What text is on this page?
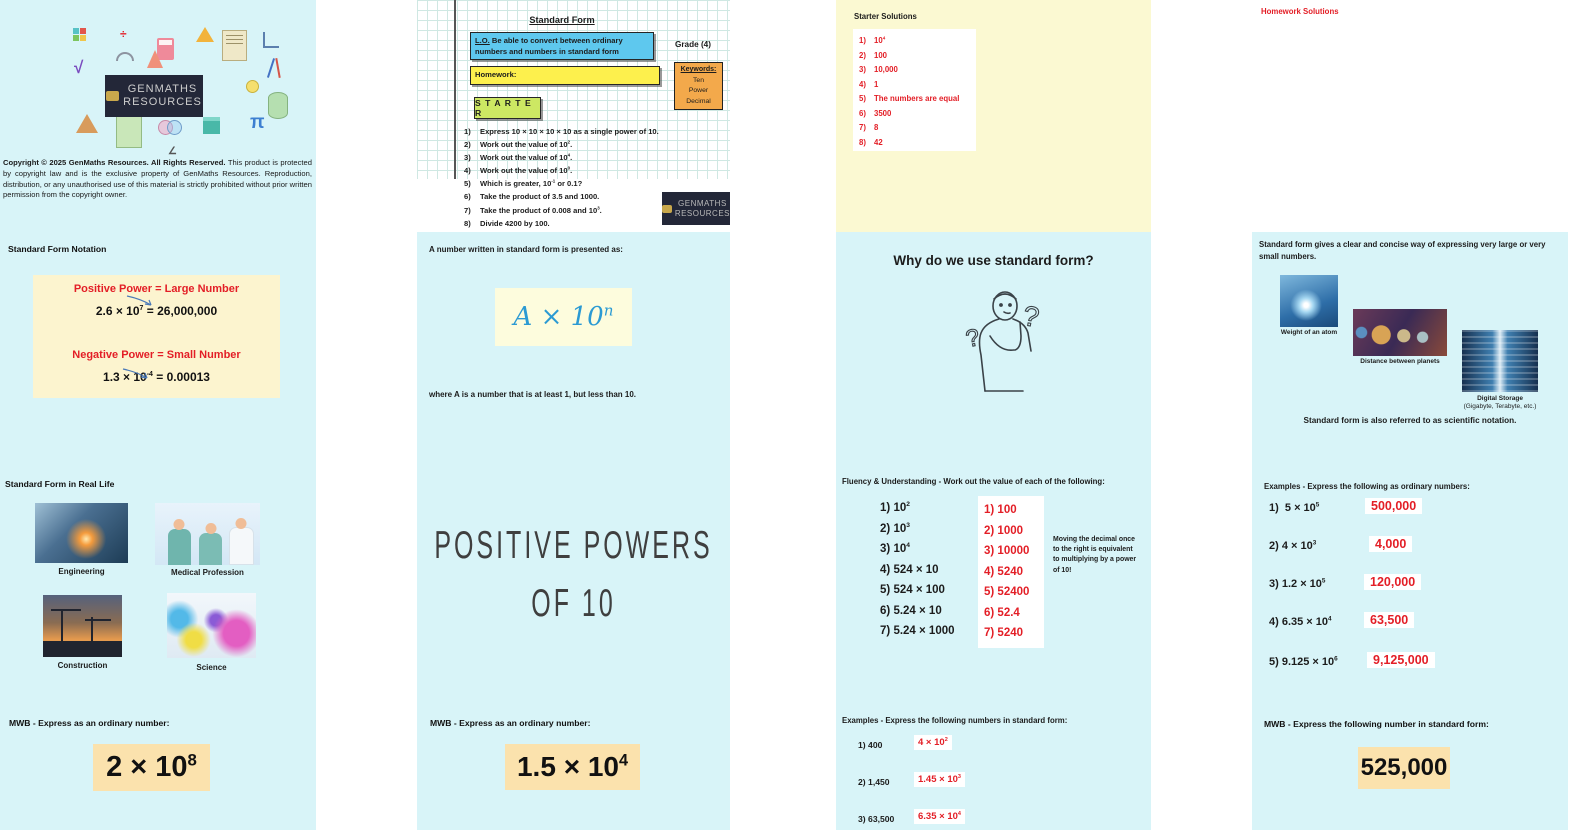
÷
√
π
∠
GENMATHS
RESOURCES
Copyright © 2025 GenMaths Resources. All Rights Reserved. This product is protected by copyright law and is the exclusive property of GenMaths Resources. Reproduction, distribution, or any unauthorised use of this material is strictly prohibited without prior written permission from the copyright owner.
Standard Form Notation
Positive Power = Large Number
$2.6 \times 10^7 = 26,000,000$
Negative Power = Small Number
$1.3 \times 10^{-4} = 0.00013$
Standard Form in Real Life
Engineering	Medical Profession
Construction	Science
MWB - Express as an ordinary number:
$2 \times 10^8$
Standard Form
L.O. Be able to convert between ordinary numbers and numbers in standard form
Grade (4)
Homework:
Keywords:
Ten
Power
Decimal
S T A R T E R
1)	Express 10 × 10 × 10 × 10 as a single power of 10.
2)	Work out the value of $10^2$.
3)	Work out the value of $10^4$.
4)	Work out the value of $10^0$.
5)	Which is greater, $10^{-1}$ or 0.1?
6)	Take the product of 3.5 and 1000.
7)	Take the product of 0.008 and $10^3$.
8)	Divide 4200 by 100.
GENMATHS
RESOURCES
A number written in standard form is presented as:
$A \times 10^n$
where A is a number that is at least 1, but less than 10.
POSITIVE POWERS
OF 10
MWB - Express as an ordinary number:
$1.5 \times 10^4$
Starter Solutions
1)	$10^4$
2)	100
3)	10,000
4)	1
5)	The numbers are equal
6)	3500
7)	8
8)	42
Why do we use standard form?
?
?
Fluency & Understanding - Work out the value of each of the following:
1) $10^2$
2) $10^3$
3) $10^4$
4) 524 × 10
5) 524 × 100
6) 5.24 × 10
7) 5.24 × 1000
1) 100
2) 1000
3) 10000
4) 5240
5) 52400
6) 52.4
7) 5240
Moving the decimal once to the right is equivalent to multiplying by a power of 10!
Examples - Express the following numbers in standard form:
1) 400	$4 \times 10^2$
2) 1,450	$1.45 \times 10^3$
3) 63,500	$6.35 \times 10^4$
Homework Solutions
Standard form gives a clear and concise way of expressing very large or very small numbers.
Weight of an atom
Distance between planets
Digital Storage
(Gigabyte, Terabyte, etc.)
Standard form is also referred to as scientific notation.
Examples - Express the following as ordinary numbers:
1) $5 \times 10^5$	500,000
2) $4 \times 10^3$	4,000
3) $1.2 \times 10^5$	120,000
4) $6.35 \times 10^4$	63,500
5) $9.125 \times 10^6$	9,125,000
MWB - Express the following number in standard form:
525,000
